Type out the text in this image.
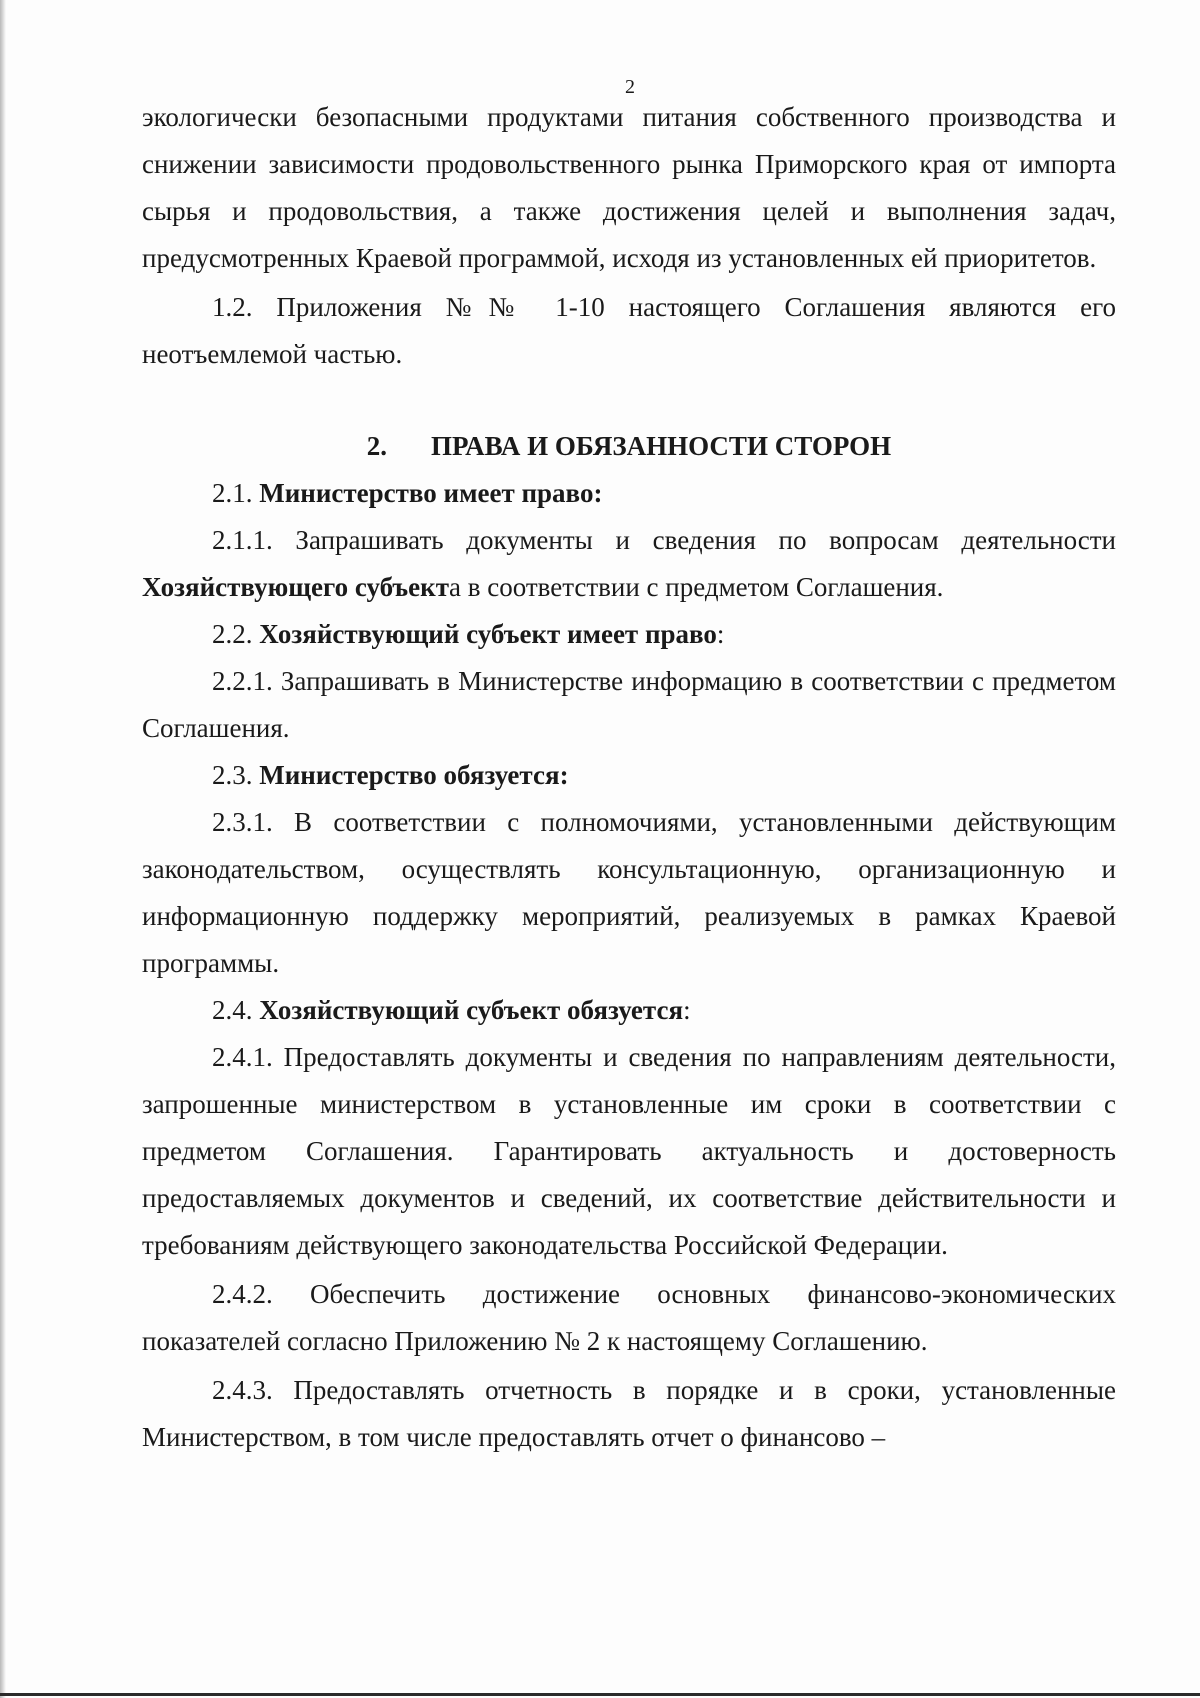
2

экологически безопасными продуктами питания собственного производства и снижении зависимости продовольственного рынка Приморского края от импорта сырья и продовольствия, а также достижения целей и выполнения задач, предусмотренных Краевой программой, исходя из установленных ей приоритетов.

1.2. Приложения №№ 1-10 настоящего Соглашения являются его неотъемлемой частью.

2. ПРАВА И ОБЯЗАННОСТИ СТОРОН

2.1. Министерство имеет право:

2.1.1. Запрашивать документы и сведения по вопросам деятельности Хозяйствующего субъекта в соответствии с предметом Соглашения.

2.2. Хозяйствующий субъект имеет право:

2.2.1. Запрашивать в Министерстве информацию в соответствии с предметом Соглашения.

2.3. Министерство обязуется:

2.3.1. В соответствии с полномочиями, установленными действующим законодательством, осуществлять консультационную, организационную и информационную поддержку мероприятий, реализуемых в рамках Краевой программы.

2.4. Хозяйствующий субъект обязуется:

2.4.1. Предоставлять документы и сведения по направлениям деятельности, запрошенные министерством в установленные им сроки в соответствии с предметом Соглашения. Гарантировать актуальность и достоверность предоставляемых документов и сведений, их соответствие действительности и требованиям действующего законодательства Российской Федерации.

2.4.2. Обеспечить достижение основных финансово-экономических показателей согласно Приложению № 2 к настоящему Соглашению.

2.4.3. Предоставлять отчетность в порядке и в сроки, установленные Министерством, в том числе предоставлять отчет о финансово –
